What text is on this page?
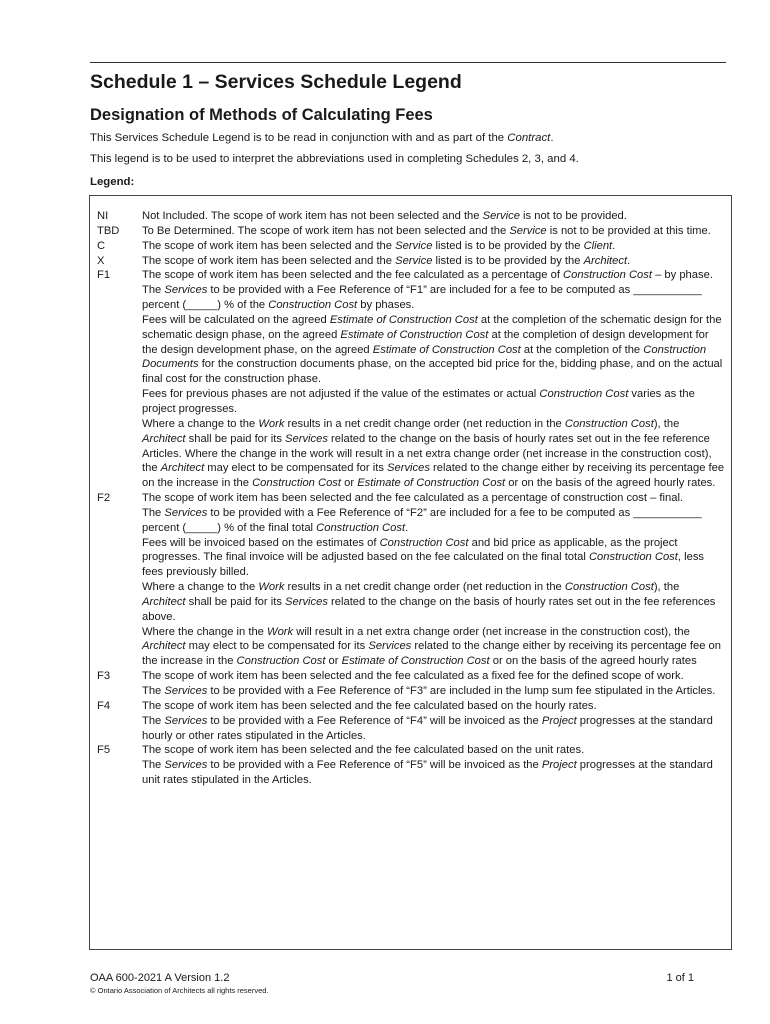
Schedule 1 – Services Schedule Legend
Designation of Methods of Calculating Fees

This Services Schedule Legend is to be read in conjunction with and as part of the Contract.

This legend is to be used to interpret the abbreviations used in completing Schedules 2, 3, and 4.

Legend:

NI	Not Included. The scope of work item has not been selected and the Service is not to be provided.

TBD	To Be Determined. The scope of work item has not been selected and the Service is not to be provided at this time.

C	The scope of work item has been selected and the Service listed is to be provided by the Client.

X	The scope of work item has been selected and the Service listed is to be provided by the Architect.

F1	The scope of work item has been selected and the fee calculated as a percentage of Construction Cost – by phase.

The Services to be provided with a Fee Reference of “F1” are included for a fee to be computed as ___________ percent (_____) % of the Construction Cost by phases.

Fees will be calculated on the agreed Estimate of Construction Cost at the completion of the schematic design for the schematic design phase, on the agreed Estimate of Construction Cost at the completion of design development for the design development phase, on the agreed Estimate of Construction Cost at the completion of the Construction Documents for the construction documents phase, on the accepted bid price for the, bidding phase, and on the actual final cost for the construction phase.

Fees for previous phases are not adjusted if the value of the estimates or actual Construction Cost varies as the project progresses.

Where a change to the Work results in a net credit change order (net reduction in the Construction Cost), the Architect shall be paid for its Services related to the change on the basis of hourly rates set out in the fee reference Articles. Where the change in the work will result in a net extra change order (net increase in the construction cost), the Architect may elect to be compensated for its Services related to the change either by receiving its percentage fee on the increase in the Construction Cost or Estimate of Construction Cost or on the basis of the agreed hourly rates.

F2	The scope of work item has been selected and the fee calculated as a percentage of construction cost – final.

The Services to be provided with a Fee Reference of “F2” are included for a fee to be computed as ___________ percent (_____) % of the final total Construction Cost.

Fees will be invoiced based on the estimates of Construction Cost and bid price as applicable, as the project progresses. The final invoice will be adjusted based on the fee calculated on the final total Construction Cost, less fees previously billed.

Where a change to the Work results in a net credit change order (net reduction in the Construction Cost), the Architect shall be paid for its Services related to the change on the basis of hourly rates set out in the fee references above.

Where the change in the Work will result in a net extra change order (net increase in the construction cost), the Architect may elect to be compensated for its Services related to the change either by receiving its percentage fee on the increase in the Construction Cost or Estimate of Construction Cost or on the basis of the agreed hourly rates

F3	The scope of work item has been selected and the fee calculated as a fixed fee for the defined scope of work.

The Services to be provided with a Fee Reference of “F3” are included in the lump sum fee stipulated in the Articles.

F4	The scope of work item has been selected and the fee calculated based on the hourly rates.

The Services to be provided with a Fee Reference of “F4” will be invoiced as the Project progresses at the standard hourly or other rates stipulated in the Articles.

F5	The scope of work item has been selected and the fee calculated based on the unit rates.

The Services to be provided with a Fee Reference of “F5” will be invoiced as the Project progresses at the standard unit rates stipulated in the Articles.

OAA 600-2021 A Version 1.2

© Ontario Association of Architects all rights reserved.

1 of 1
